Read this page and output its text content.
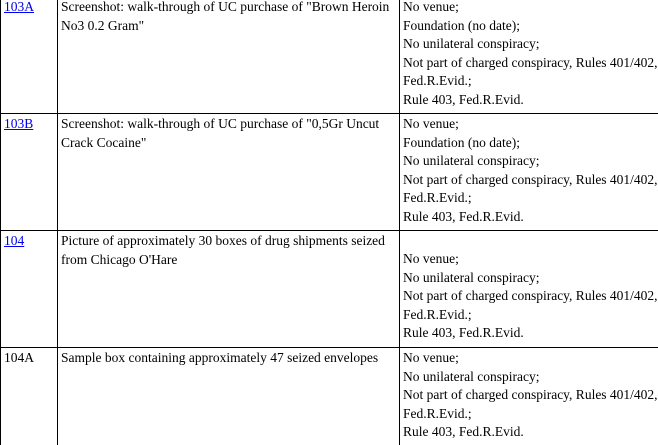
103A	Screenshot: walk-through of UC purchase of "Brown Heroin No3 0.2 Gram"	No venue;
Foundation (no date);
No unilateral conspiracy;
Not part of charged conspiracy, Rules 401/402, Fed.R.Evid.;
Rule 403, Fed.R.Evid.

103B	Screenshot: walk-through of UC purchase of "0,5Gr Uncut Crack Cocaine"	No venue;
Foundation (no date);
No unilateral conspiracy;
Not part of charged conspiracy, Rules 401/402, Fed.R.Evid.;
Rule 403, Fed.R.Evid.

104	Picture of approximately 30 boxes of drug shipments seized from Chicago O'Hare	No venue;
No unilateral conspiracy;
Not part of charged conspiracy, Rules 401/402, Fed.R.Evid.;
Rule 403, Fed.R.Evid.

104A	Sample box containing approximately 47 seized envelopes	No venue;
No unilateral conspiracy;
Not part of charged conspiracy, Rules 401/402, Fed.R.Evid.;
Rule 403, Fed.R.Evid.
